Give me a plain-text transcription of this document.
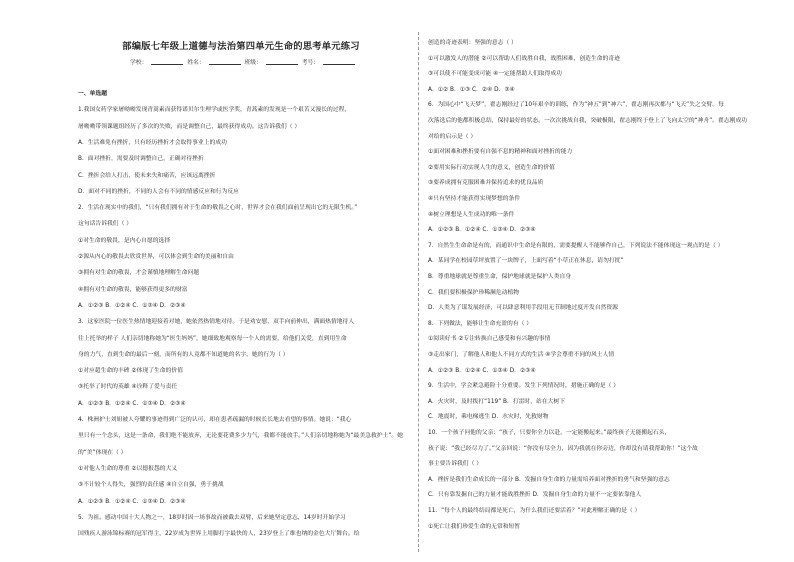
部编版七年级上道德与法治第四单元生命的思考单元练习
学校：	姓名：	班级：	考号：
一、单选题
1.我国女药学家屠呦呦发现青蒿素而获得诺贝尔生理学或医学奖，青蒿素的发现是一个艰苦又漫长的过程，
屠呦呦带领课题组经历了多次的失败，而是调整自己，最终获得成功。这告诉我们（ ）
A．生活难免有挫折，只有经历挫折才会取得事业上的成功
B．面对挫折，需要及时调整自己，正确对待挫折
C．挫折会给人打击，使未来失和痛苦，应该远离挫折
D．面对不同的挫折，不同的人会有不同的情感反应和行为反应
2．生活在现实中的我们，“只有我们拥有对于生命的敬畏之心时，世界才会在我们面前呈现出它的无限生机。”
这句话告诉我们（ ）
①对生命的敬畏，是内心自愿的选择
②源从内心的敬畏去欣赏世界，可以体会到生命的美丽和自由
③拥有对生命的敬畏，才会谨慎地理解生命问题
④拥有对生命的敬畏，能够获得更多的财富
A．①②③ B．①②④ C．①③④ D．②③④
3．这家医院一位医生热情地迎接着对她，她依然热情地对待。于是劝安慰，双手向前伸出，满面热情地待人
往上托举的样子 人们亲切地称她为“医生妈妈”，她细致地观察每一个人的需要，给他们关爱，直到用生命
身的力气，直到生命的最后一刻，而所有的人竟都不知道她的名字，她的行为（ ）
①对应超生命的丰碑 ②体现了生命的价值
③托举了时代的英雄 ④诠释了爱与责任
A．①②③ B．①②④ C．①③④ D．②③④
4．株洲护士刘姐被人夸耀的事迹得到广泛的认可，却在患者疏漏的时候长长地去看望的事情。她说：“我心
里只有一个念头，这是一条命，我们绝不能放弃，无论要花费多少力气，我都不能放手。”人们亲切地称她为“最美急救护士”。她
的“美”体现在（ ）
①对他人生命的尊重 ②以德报怨的大义
③不计较个人得失，强烈的责任感 ④自立自强，勇于挑战
A．①②③ B．①②④ C．①③④ D．②③④
5．为祖。感动中国十大人物之一，18岁时因一场事故而被截去双臂，后来她坚定意志，14岁时开始学习
国残疾人游泳锦标赛的冠军得主，22岁成为世界上用脚打字最快的人，23岁登上了维也纳的金色大厅舞台。给
创造的奇迹表明：坚强的意志（ ）
①可以激发人的潜能 ②可以帮助人们战胜自我，战胜困难，创造生命的奇迹
③可以使不可能变成可能 ④一定能帮助人们取得成功
A．①② B．①③ C．②④ D．③④
6．为国心中“飞天梦”，翟志刚经过了10年艰辛的训练，作为“神五”到“神六”，翟志刚再次都与“飞天”失之交臂。每
次落选后的他都积极总结，保持最好的状态。一次次挑战自我，突破极限，翟志刚终于登上了飞向太空的“神舟”。翟志刚成功
对给的启示是（ ）
①面对困难和挫折要有自强不息的精神和面对挫折的能力
②要用实际行动实现人生的意义，创造生命的价值
③要养成拥有克服困难并保持追求的优良品质
④只有坚持才能获得实现梦想的条件
④树立理想是人生成功的唯一条件
A．①②③ B．①②④ C．①③④ D．②③④
7．自然生生命命是有的，而通识中生命是有限的，需要提醒人不能够作自己，下列说法不能体现这一观点的是（ ）
A．某同学在校园草坪放置了一块牌子，上面写着“小草正在休息，请勿打扰”
B．尊重地球就是尊重生命，保护地球就是保护人类自身
C．我们要积极保护珍稀濒危动植物
D．人类为了谋发展经济，可以肆意利用手段用无节制地过度开发自然资源
8．下列做法，能够让生命充盈的有（ ）
①阅读好书 ②专注转换自己感受和有兴趣的事情
③走出家门，了解他人和他人不同方式的生活 ④学会尊重不同的风土人情
A．①②③ B．①②④ C．①③④ D．②③④
9．生活中，学会紧急避险十分重要。发生下列情况时，措施正确的是（ ）
A．火灾时，及时拨打“119” B．打雷时，站在大树下
C．地震时，乘电梯逃生 D．水灾时，先救财物
10．一个孩子问他的父亲：“孩子，只要你全力以赴，一定能搬起来。”最终孩子无能搬起石头，
孩子说：“我已经尽力了。”父亲回说：“你没有尽全力，因为我就在你旁边，你却没有请我帮助你！”这个故
事主要告诉我们（ ）
A．挫折是我们生命成长的一部分 B．发掘自身生命的力量需培养面对挫折的勇气和坚强的意志
C．只有靠发掘自己的力量才能战胜挫折 D．发掘自身生命的力量不一定要依靠他人
11．“每个人的最终结局都是死亡，为什么我们还要活着？”对此理解正确的是（ ）
①死亡让我们珍爱生命的无常和短暂
